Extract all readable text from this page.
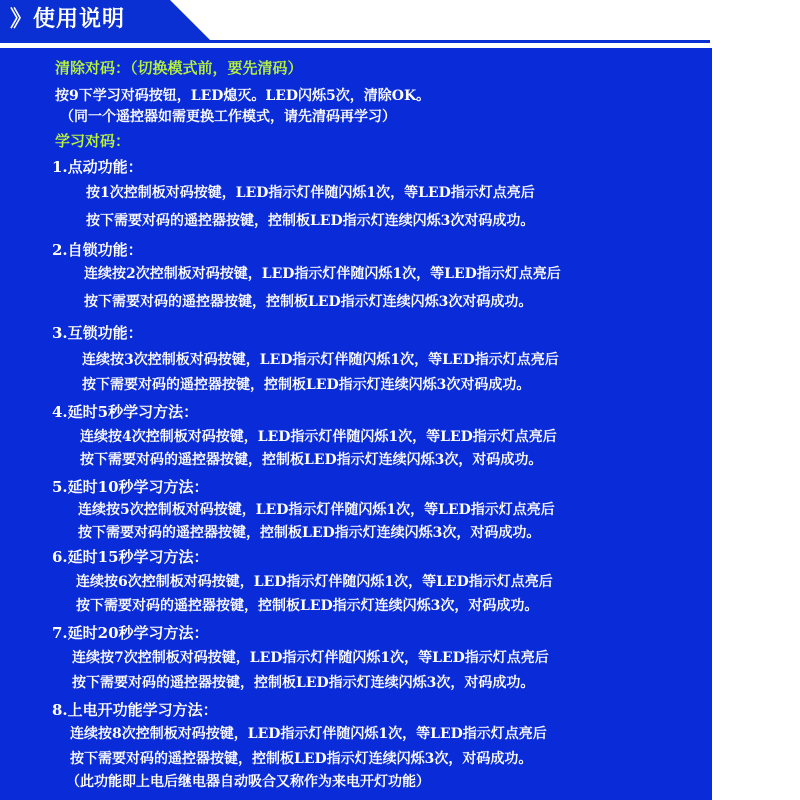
》使用说明
清除对码：（切换模式前，要先清码）
按9下学习对码按钮，LED熄灭。LED闪烁5次，清除OK。
（同一个遥控器如需更换工作模式，请先清码再学习）
学习对码：
1.点动功能：
按1次控制板对码按键，LED指示灯伴随闪烁1次，等LED指示灯点亮后
按下需要对码的遥控器按键，控制板LED指示灯连续闪烁3次对码成功。
2.自锁功能：
连续按2次控制板对码按键，LED指示灯伴随闪烁1次，等LED指示灯点亮后
按下需要对码的遥控器按键，控制板LED指示灯连续闪烁3次对码成功。
3.互锁功能：
连续按3次控制板对码按键，LED指示灯伴随闪烁1次，等LED指示灯点亮后
按下需要对码的遥控器按键，控制板LED指示灯连续闪烁3次对码成功。
4.延时5秒学习方法：
连续按4次控制板对码按键，LED指示灯伴随闪烁1次，等LED指示灯点亮后
按下需要对码的遥控器按键，控制板LED指示灯连续闪烁3次，对码成功。
5.延时10秒学习方法：
连续按5次控制板对码按键，LED指示灯伴随闪烁1次，等LED指示灯点亮后
按下需要对码的遥控器按键，控制板LED指示灯连续闪烁3次，对码成功。
6.延时15秒学习方法：
连续按6次控制板对码按键，LED指示灯伴随闪烁1次，等LED指示灯点亮后
按下需要对码的遥控器按键，控制板LED指示灯连续闪烁3次，对码成功。
7.延时20秒学习方法：
连续按7次控制板对码按键，LED指示灯伴随闪烁1次，等LED指示灯点亮后
按下需要对码的遥控器按键，控制板LED指示灯连续闪烁3次，对码成功。
8.上电开功能学习方法：
连续按8次控制板对码按键，LED指示灯伴随闪烁1次，等LED指示灯点亮后
按下需要对码的遥控器按键，控制板LED指示灯连续闪烁3次，对码成功。
（此功能即上电后继电器自动吸合又称作为来电开灯功能）
